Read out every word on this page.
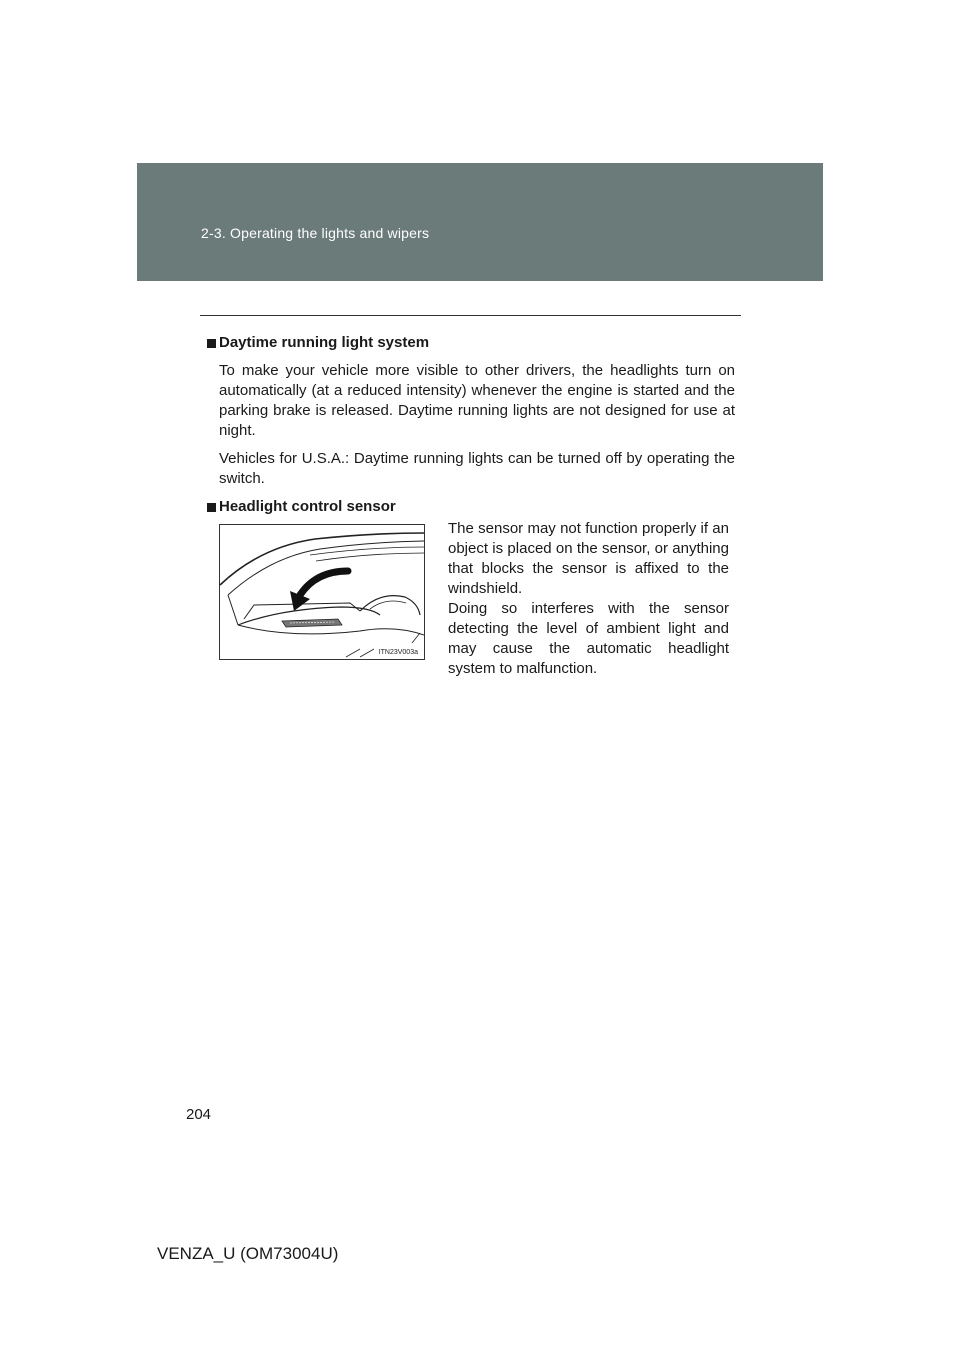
2-3. Operating the lights and wipers
Daytime running light system

To make your vehicle more visible to other drivers, the headlights turn on automatically (at a reduced intensity) whenever the engine is started and the parking brake is released. Daytime running lights are not designed for use at night.

Vehicles for U.S.A.: Daytime running lights can be turned off by operating the switch.

Headlight control sensor
ITN23V003a

The sensor may not function properly if an object is placed on the sensor, or anything that blocks the sensor is affixed to the windshield.

Doing so interferes with the sensor detecting the level of ambient light and may cause the automatic headlight system to malfunction.

204
VENZA_U (OM73004U)
